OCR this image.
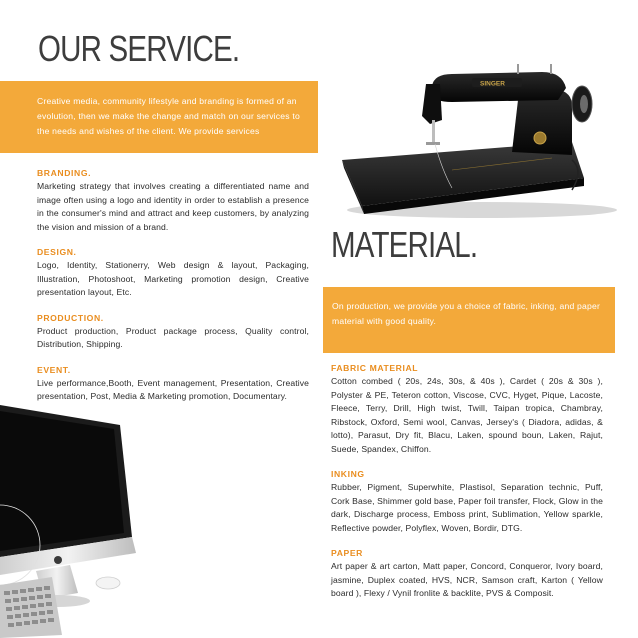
OUR SERVICE.
Creative media, community lifestyle and branding is formed of an evolution, then we make the change and match on our services to the needs and wishes of the client. We provide services
BRANDING.

Marketing strategy that involves creating a differentiated name and image often using a logo and identity in order to establish a presence in the consumer's mind and attract and keep customers, by analyzing the vision and mission of a brand.

DESIGN.

Logo, Identity, Stationerry, Web design & layout, Packaging, Illustration, Photoshoot, Marketing promotion design, Creative presentation layout, Etc.

PRODUCTION.

Product production, Product package process, Quality control, Distribution, Shipping.

EVENT.

Live performance,Booth, Event management, Presentation, Creative presentation, Post, Media & Marketing promotion, Documentary.

SINGER
MATERIAL.
On production, we provide you a choice of fabric, inking, and paper material with good quality.
FABRIC MATERIAL

Cotton combed ( 20s, 24s, 30s, & 40s ), Cardet ( 20s & 30s ), Polyster & PE, Teteron cotton, Viscose, CVC, Hyget, Pique, Lacoste, Fleece, Terry, Drill, High twist, Twill, Taipan tropica, Chambray, Ribstock, Oxford, Semi wool, Canvas, Jersey's ( Diadora, adidas, & lotto), Parasut, Dry fit, Blacu, Laken, spound boun, Laken, Rajut, Suede, Spandex, Chiffon.

INKING

Rubber, Pigment, Superwhite, Plastisol, Separation technic, Puff, Cork Base, Shimmer gold base, Paper foil transfer, Flock, Glow in the dark, Discharge process, Emboss print, Sublimation, Yellow sparkle, Reflective powder, Polyflex, Woven, Bordir, DTG.

PAPER

Art paper & art carton, Matt paper, Concord, Conqueror, Ivory board, jasmine, Duplex coated, HVS, NCR, Samson craft, Karton ( Yellow board ), Flexy / Vynil fronlite & backlite, PVS & Composit.
